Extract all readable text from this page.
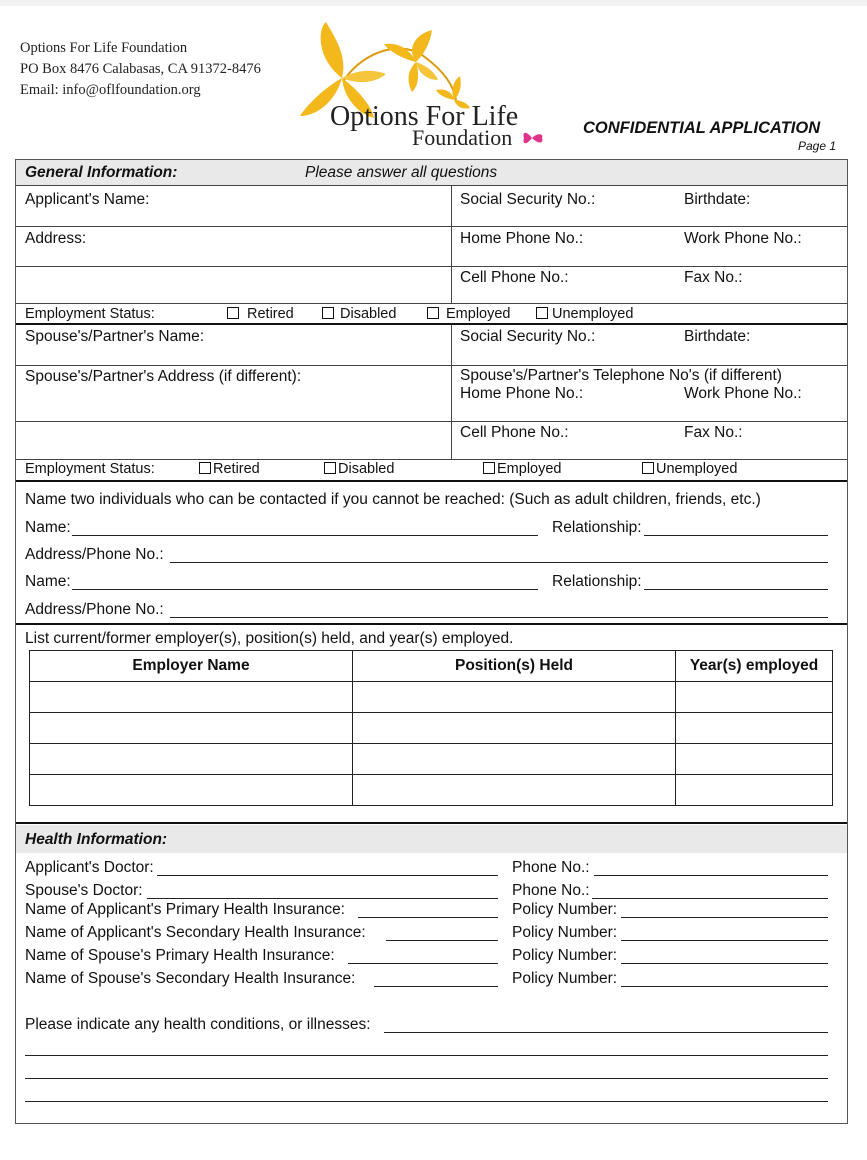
Options For Life Foundation
PO Box 8476 Calabasas, CA 91372-8476
Email: info@oflfoundation.org
Options For Life
Foundation	CONFIDENTIAL APPLICATION
Page 1
General Information:	Please answer all questions
Applicant's Name:	Social Security No.:	Birthdate:
Address:	Home Phone No.:	Work Phone No.:
Cell Phone No.:	Fax No.:
Employment Status:	Retired	Disabled	Employed	Unemployed
Spouse's/Partner's Name:	Social Security No.:	Birthdate:
Spouse's/Partner's Address (if different):	Spouse's/Partner's Telephone No's (if different)
Home Phone No.:	Work Phone No.:
Cell Phone No.:	Fax No.:
Employment Status:	Retired	Disabled	Employed	Unemployed
Name two individuals who can be contacted if you cannot be reached: (Such as adult children, friends, etc.)
Name:	Relationship:
Address/Phone No.:
Name:	Relationship:
Address/Phone No.:
List current/former employer(s), position(s) held, and year(s) employed.
Employer Name	Position(s) Held	Year(s) employed

Health Information:
Applicant's Doctor:	Phone No.:
Spouse's Doctor:	Phone No.:
Name of Applicant's Primary Health Insurance:	Policy Number:
Name of Applicant's Secondary Health Insurance:	Policy Number:
Name of Spouse's Primary Health Insurance:	Policy Number:
Name of Spouse's Secondary Health Insurance:	Policy Number:
Please indicate any health conditions, or illnesses:
